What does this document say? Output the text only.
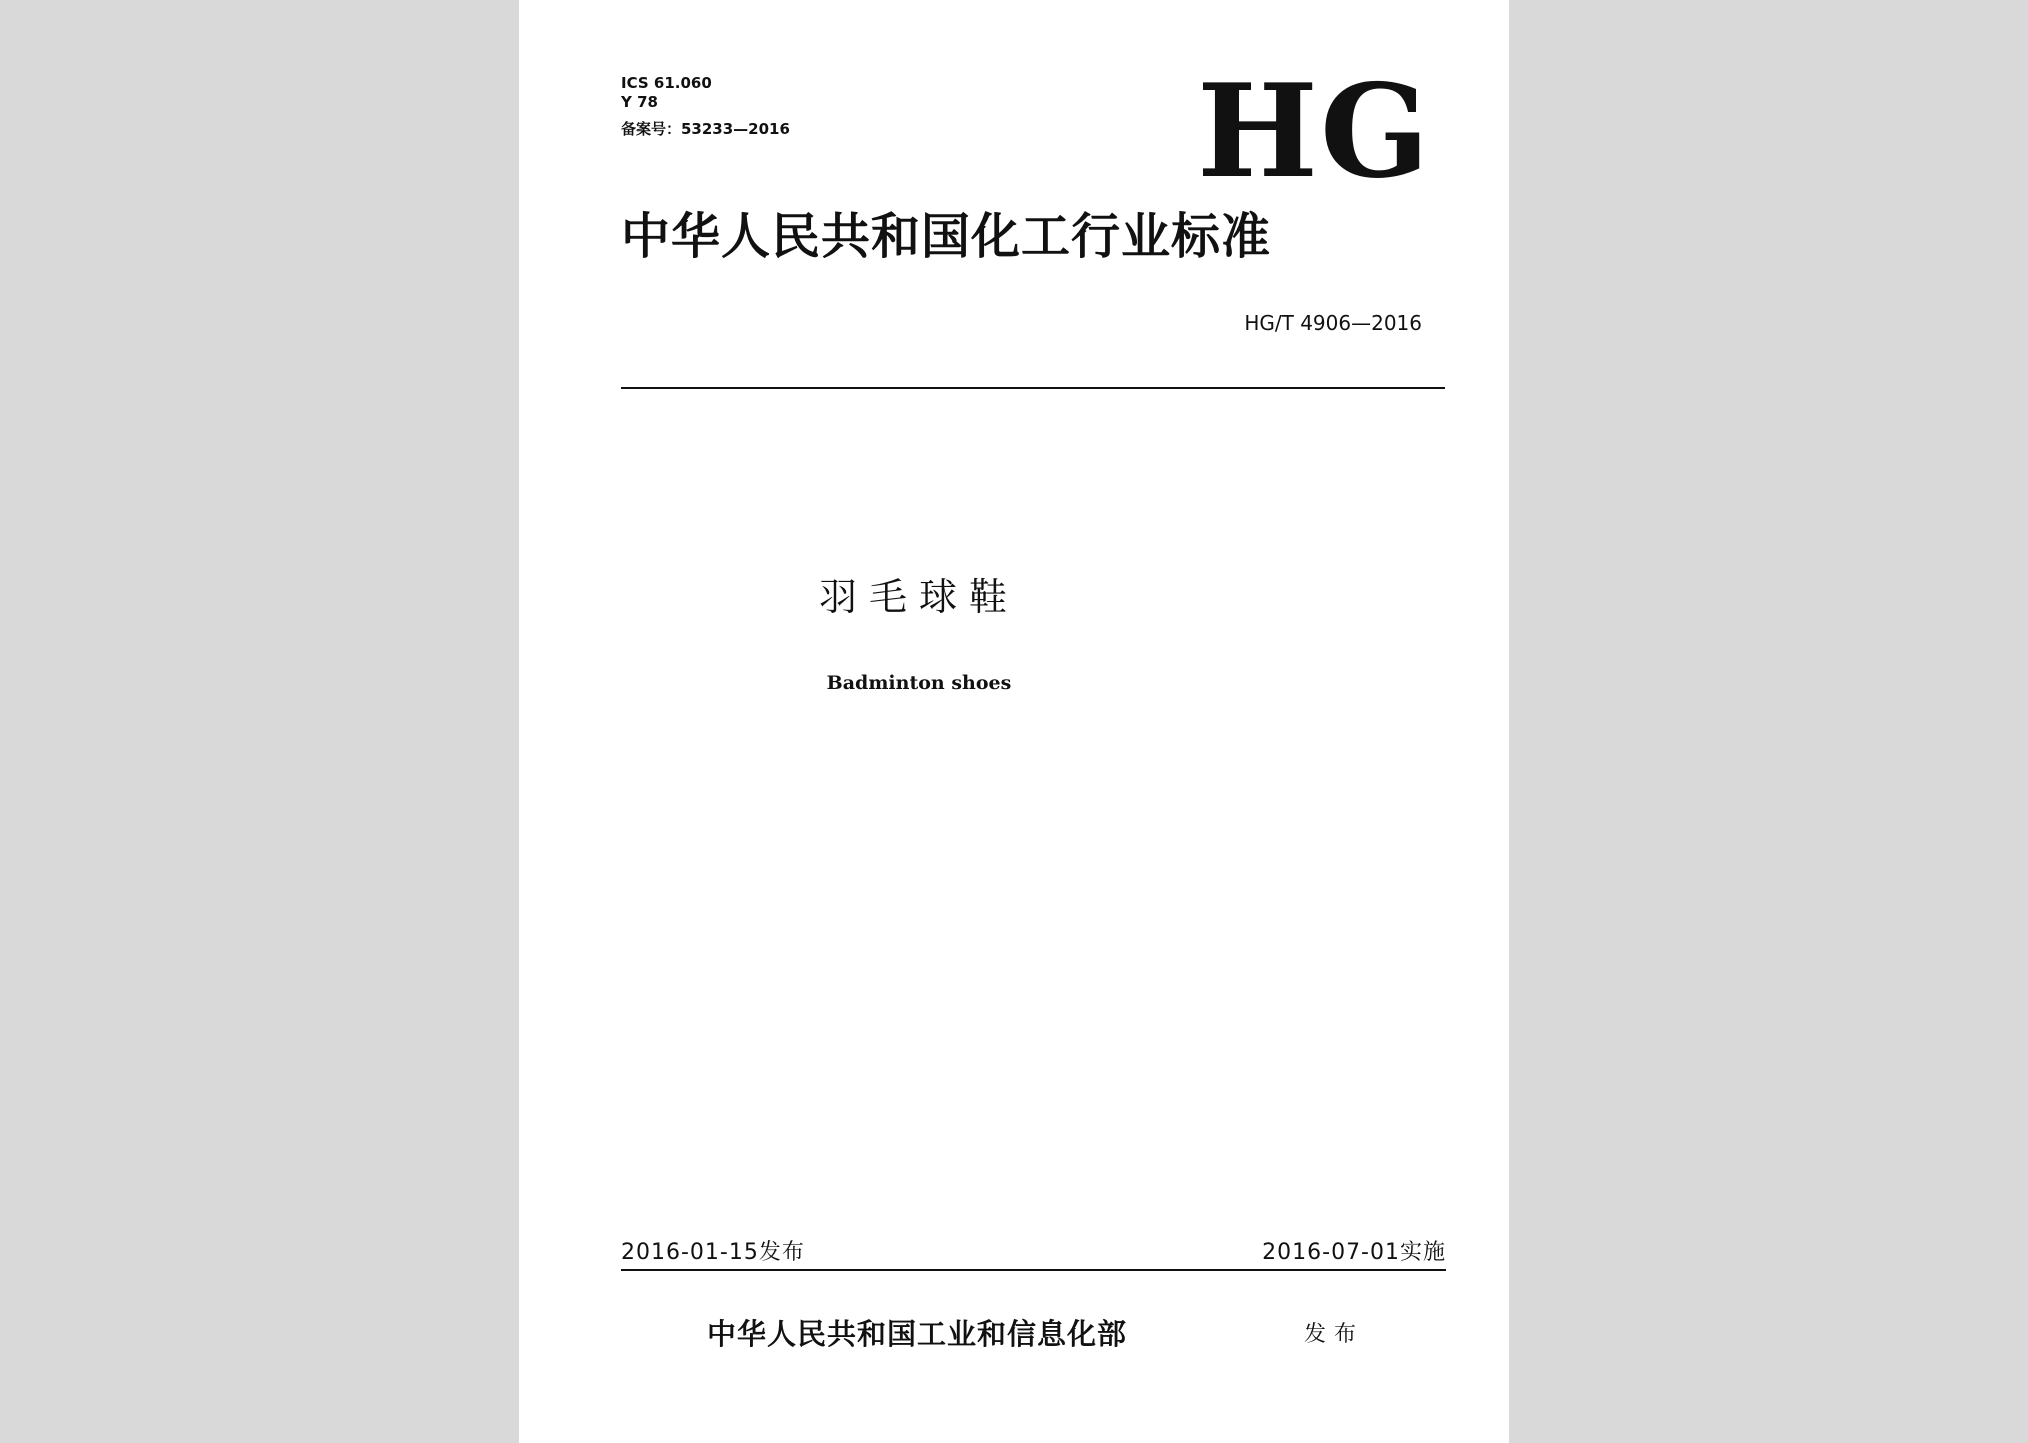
ICS 61.060
Y 78
备案号：53233—2016	HG
中华人民共和国化工行业标准
HG/T 4906—2016
羽毛球鞋
Badminton shoes
2016-01-15发布	2016-07-01实施
中华人民共和国工业和信息化部	发布
